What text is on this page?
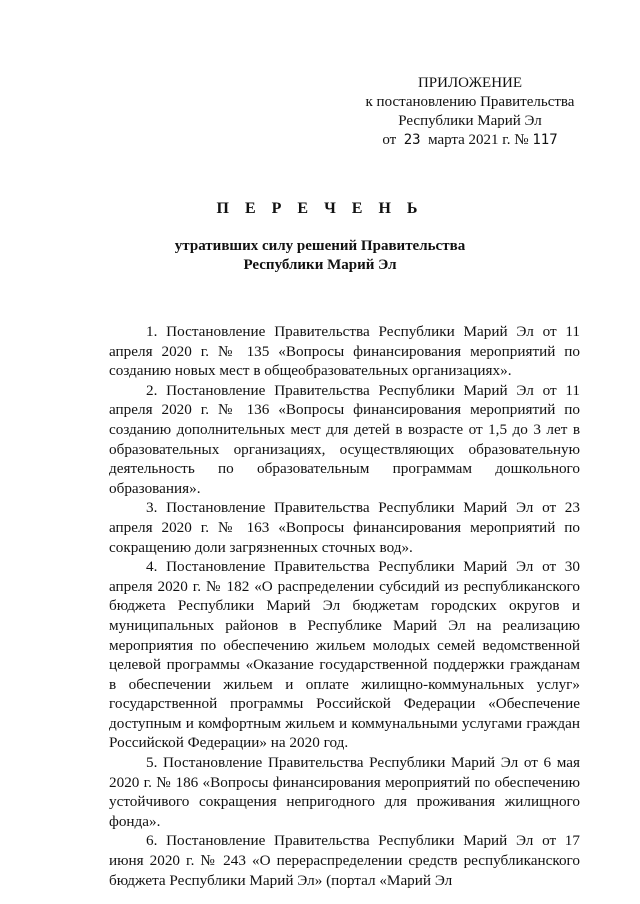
ПРИЛОЖЕНИЕ
к постановлению Правительства
Республики Марий Эл
от 23 марта 2021 г. № 117
П Е Р Е Ч Е Н Ь
утративших силу решений Правительства
Республики Марий Эл

1. Постановление Правительства Республики Марий Эл от 11 апреля 2020 г. № 135 «Вопросы финансирования мероприятий по созданию новых мест в общеобразовательных организациях».

2. Постановление Правительства Республики Марий Эл от 11 апреля 2020 г. № 136 «Вопросы финансирования мероприятий по созданию дополнительных мест для детей в возрасте от 1,5 до 3 лет в образовательных организациях, осуществляющих образовательную деятельность по образовательным программам дошкольного образования».

3. Постановление Правительства Республики Марий Эл от 23 апреля 2020 г. № 163 «Вопросы финансирования мероприятий по сокращению доли загрязненных сточных вод».

4. Постановление Правительства Республики Марий Эл от 30 апреля 2020 г. № 182 «О распределении субсидий из республиканского бюджета Республики Марий Эл бюджетам городских округов и муниципальных районов в Республике Марий Эл на реализацию мероприятия по обеспечению жильем молодых семей ведомственной целевой программы «Оказание государственной поддержки гражданам в обеспечении жильем и оплате жилищно-коммунальных услуг» государственной программы Российской Федерации «Обеспечение доступным и комфортным жильем и коммунальными услугами граждан Российской Федерации» на 2020 год.

5. Постановление Правительства Республики Марий Эл от 6 мая 2020 г. № 186 «Вопросы финансирования мероприятий по обеспечению устойчивого сокращения непригодного для проживания жилищного фонда».

6. Постановление Правительства Республики Марий Эл от 17 июня 2020 г. № 243 «О перераспределении средств республиканского бюджета Республики Марий Эл» (портал «Марий Эл
